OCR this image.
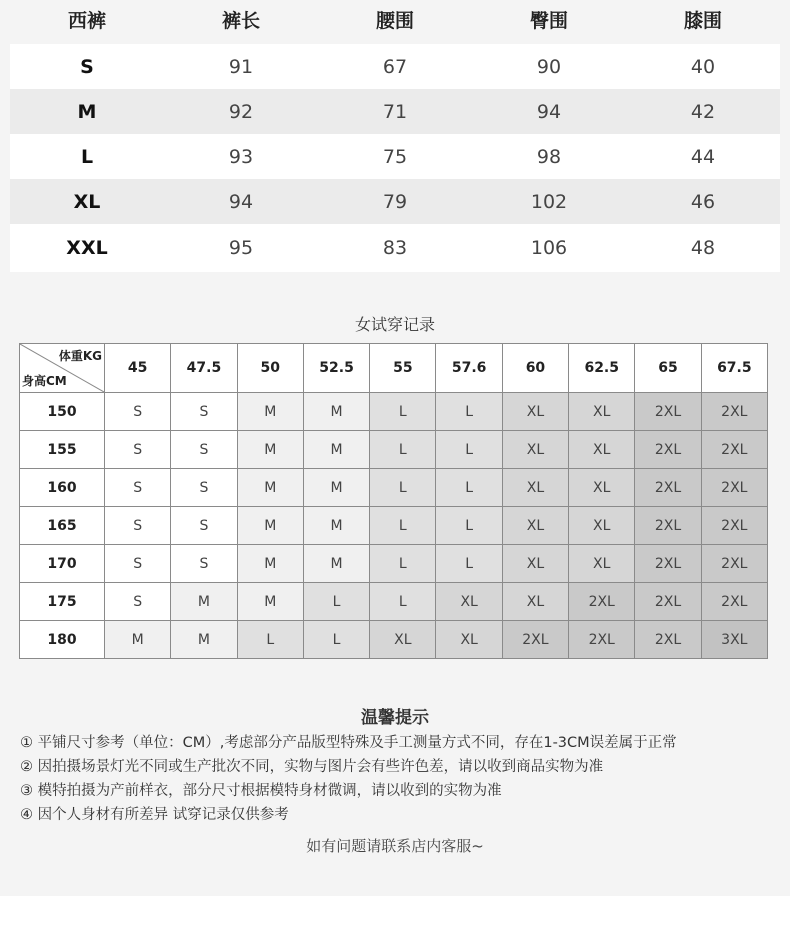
西裤	裤长	腰围	臀围	膝围
S	91	67	90	40
M	92	71	94	42
L	93	75	98	44
XL	94	79	102	46
XXL	95	83	106	48
女试穿记录
体重KG
身高CM	45	47.5	50	52.5	55	57.6	60	62.5	65	67.5
150	S	S	M	M	L	L	XL	XL	2XL	2XL
155	S	S	M	M	L	L	XL	XL	2XL	2XL
160	S	S	M	M	L	L	XL	XL	2XL	2XL
165	S	S	M	M	L	L	XL	XL	2XL	2XL
170	S	S	M	M	L	L	XL	XL	2XL	2XL
175	S	M	M	L	L	XL	XL	2XL	2XL	2XL
180	M	M	L	L	XL	XL	2XL	2XL	2XL	3XL
温馨提示
① 平铺尺寸参考（单位：CM）,考虑部分产品版型特殊及手工测量方式不同，存在1-3CM误差属于正常
② 因拍摄场景灯光不同或生产批次不同，实物与图片会有些许色差，请以收到商品实物为准
③ 模特拍摄为产前样衣，部分尺寸根据模特身材微调，请以收到的实物为准
④ 因个人身材有所差异 试穿记录仅供参考
如有问题请联系店内客服~
